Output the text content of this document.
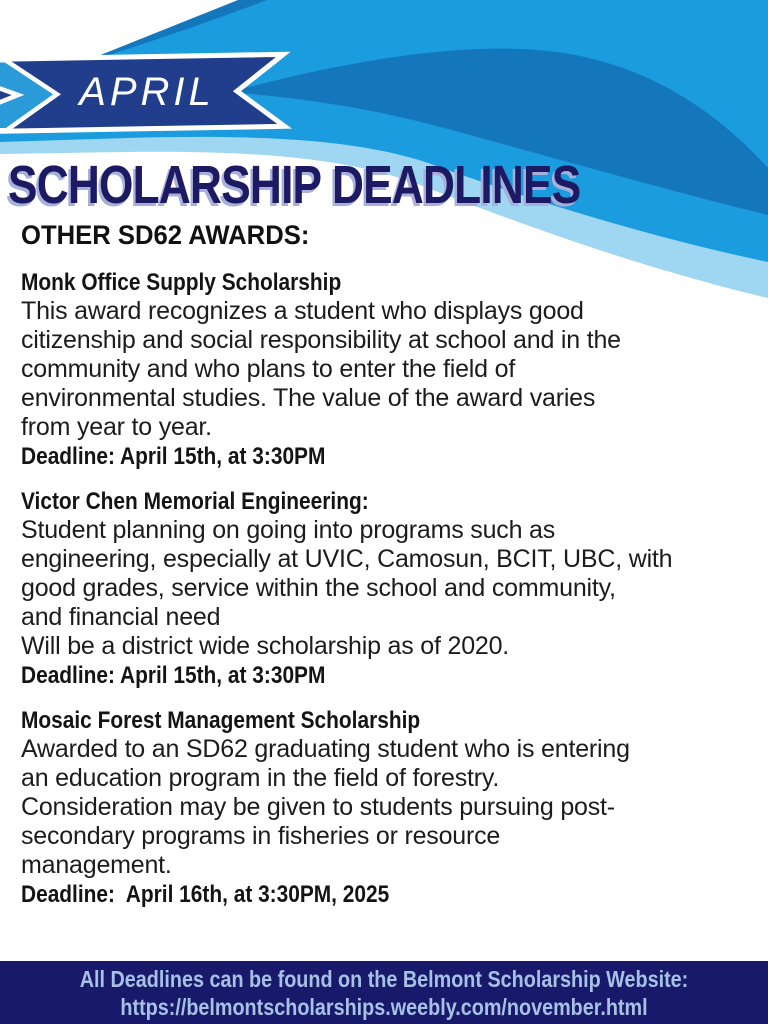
APRIL
SCHOLARSHIP DEADLINES
OTHER SD62 AWARDS:
Monk Office Supply Scholarship
This award recognizes a student who displays good
citizenship and social responsibility at school and in the
community and who plans to enter the field of
environmental studies. The value of the award varies
from year to year.
Deadline: April 15th, at 3:30PM
Victor Chen Memorial Engineering:
Student planning on going into programs such as
engineering, especially at UVIC, Camosun, BCIT, UBC, with
good grades, service within the school and community,
and financial need
Will be a district wide scholarship as of 2020.
Deadline: April 15th, at 3:30PM
Mosaic Forest Management Scholarship
Awarded to an SD62 graduating student who is entering
an education program in the field of forestry.
Consideration may be given to students pursuing post-
secondary programs in fisheries or resource
management.
Deadline:  April 16th, at 3:30PM, 2025
All Deadlines can be found on the Belmont Scholarship Website:
https://belmontscholarships.weebly.com/november.html
